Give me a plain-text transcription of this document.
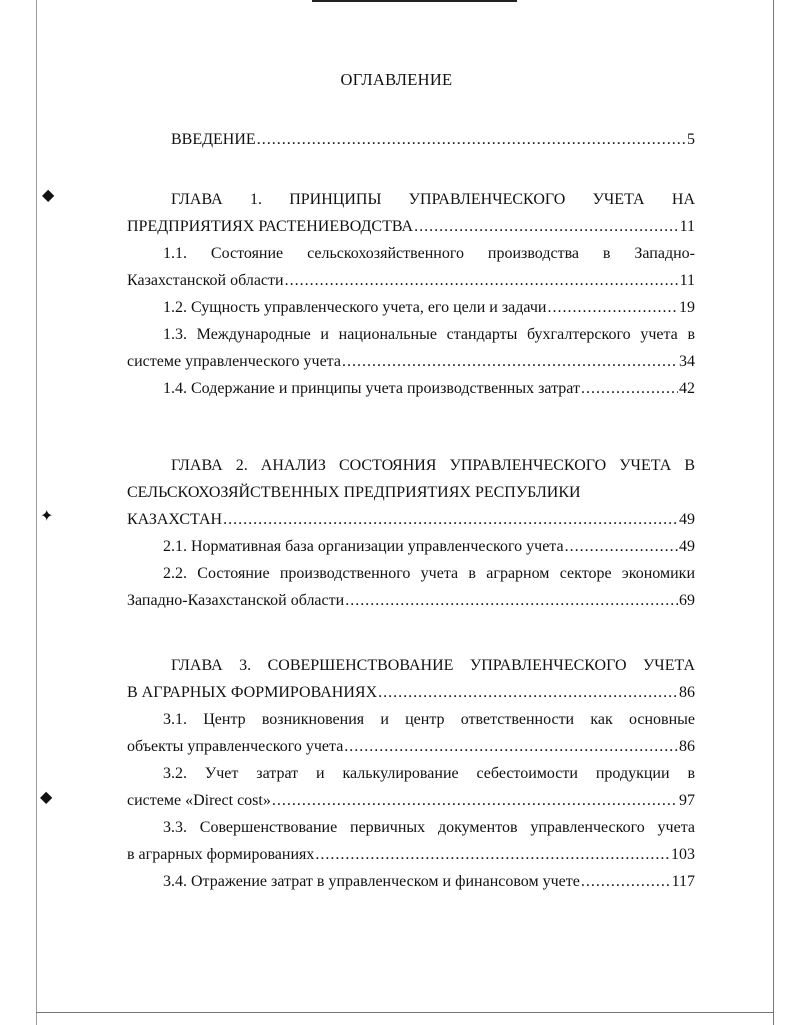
◆
✦
◆
ОГЛАВЛЕНИЕ
ВВЕДЕНИЕ .....	5
ГЛАВА 1. ПРИНЦИПЫ УПРАВЛЕНЧЕСКОГО УЧЕТА НА
ПРЕДПРИЯТИЯХ РАСТЕНИЕВОДСТВА .....	11
1.1. Состояние сельскохозяйственного производства в Западно-
Казахстанской области .....	11
1.2. Сущность управленческого учета, его цели и задачи .....	19
1.3. Международные и национальные стандарты бухгалтерского учета в
системе управленческого учета .....	34
1.4. Содержание и принципы учета производственных затрат .....	42
ГЛАВА 2. АНАЛИЗ СОСТОЯНИЯ УПРАВЛЕНЧЕСКОГО УЧЕТА В
СЕЛЬСКОХОЗЯЙСТВЕННЫХ ПРЕДПРИЯТИЯХ РЕСПУБЛИКИ
КАЗАХСТАН .....	49
2.1. Нормативная база организации управленческого учета .....	49
2.2. Состояние производственного учета в аграрном секторе экономики
Западно-Казахстанской области .....	69
ГЛАВА 3. СОВЕРШЕНСТВОВАНИЕ УПРАВЛЕНЧЕСКОГО УЧЕТА
В АГРАРНЫХ ФОРМИРОВАНИЯХ .....	86
3.1. Центр возникновения и центр ответственности как основные
объекты управленческого учета .....	86
3.2. Учет затрат и калькулирование себестоимости продукции в
системе «Direct cost» .....	97
3.3. Совершенствование первичных документов управленческого учета
в аграрных формированиях .....	103
3.4. Отражение затрат в управленческом и финансовом учете .....	117
